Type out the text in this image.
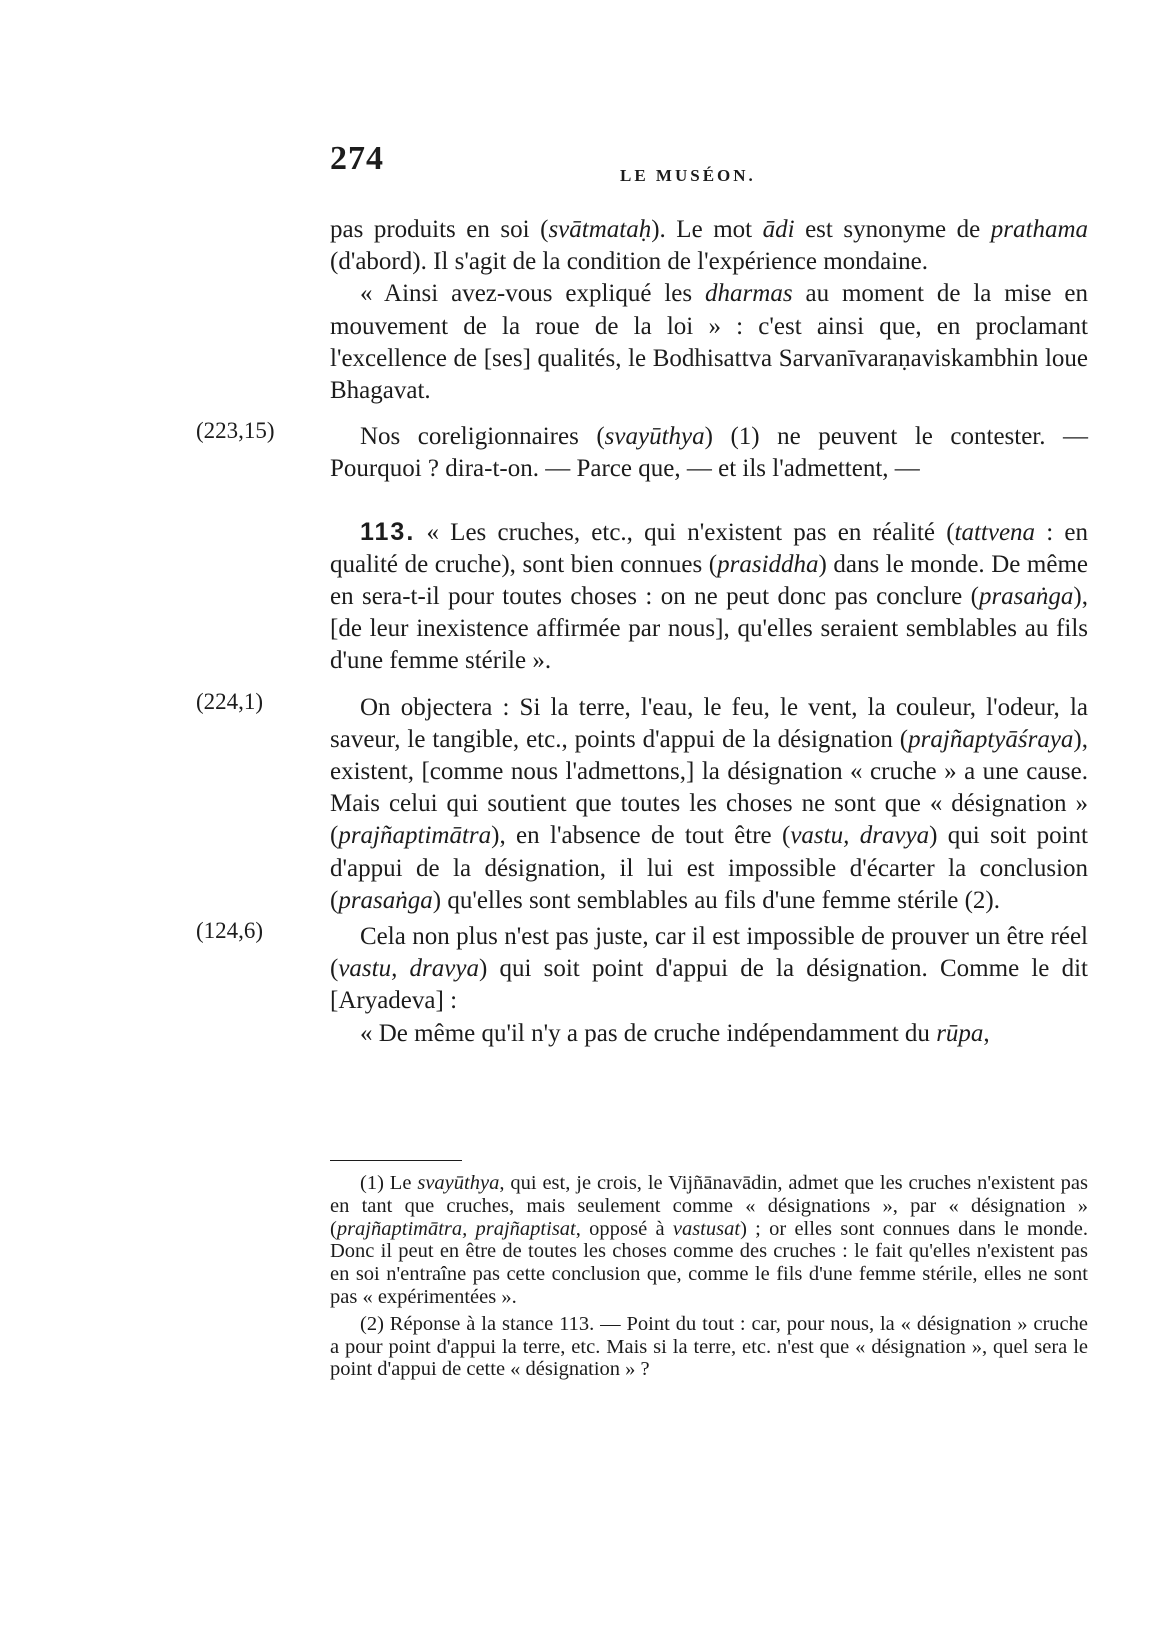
274	LE MUSÉON.

pas produits en soi (svātmataḥ). Le mot ādi est synonyme de prathama (d'abord). Il s'agit de la condition de l'expérience mondaine.

« Ainsi avez-vous expliqué les dharmas au moment de la mise en mouvement de la roue de la loi » : c'est ainsi que, en proclamant l'excellence de [ses] qualités, le Bodhisattva Sarvanīvaraṇaviskambhin loue Bhagavat.

(223,15)	Nos coreligionnaires (svayūthya) (1) ne peuvent le contester. — Pourquoi ? dira-t-on. — Parce que, — et ils l'admettent, —

113. « Les cruches, etc., qui n'existent pas en réalité (tattvena : en qualité de cruche), sont bien connues (prasiddha) dans le monde. De même en sera-t-il pour toutes choses : on ne peut donc pas conclure (prasaṅga), [de leur inexistence affirmée par nous], qu'elles seraient semblables au fils d'une femme stérile ».

(224,1)	On objectera : Si la terre, l'eau, le feu, le vent, la couleur, l'odeur, la saveur, le tangible, etc., points d'appui de la désignation (prajñaptyāśraya), existent, [comme nous l'admettons,] la désignation « cruche » a une cause. Mais celui qui soutient que toutes les choses ne sont que « désignation » (prajñaptimātra), en l'absence de tout être (vastu, dravya) qui soit point d'appui de la désignation, il lui est impossible d'écarter la conclusion (prasaṅga) qu'elles sont semblables au fils d'une femme stérile (2).

(124,6)	Cela non plus n'est pas juste, car il est impossible de prouver un être réel (vastu, dravya) qui soit point d'appui de la désignation. Comme le dit [Aryadeva] :

« De même qu'il n'y a pas de cruche indépendamment du rūpa,

(1) Le svayūthya, qui est, je crois, le Vijñānavādin, admet que les cruches n'existent pas en tant que cruches, mais seulement comme « désignations », par « désignation » (prajñaptimātra, prajñaptisat, opposé à vastusat) ; or elles sont connues dans le monde. Donc il peut en être de toutes les choses comme des cruches : le fait qu'elles n'existent pas en soi n'entraîne pas cette conclusion que, comme le fils d'une femme stérile, elles ne sont pas « expérimentées ».

(2) Réponse à la stance 113. — Point du tout : car, pour nous, la « désignation » cruche a pour point d'appui la terre, etc. Mais si la terre, etc. n'est que « désignation », quel sera le point d'appui de cette « désignation » ?
